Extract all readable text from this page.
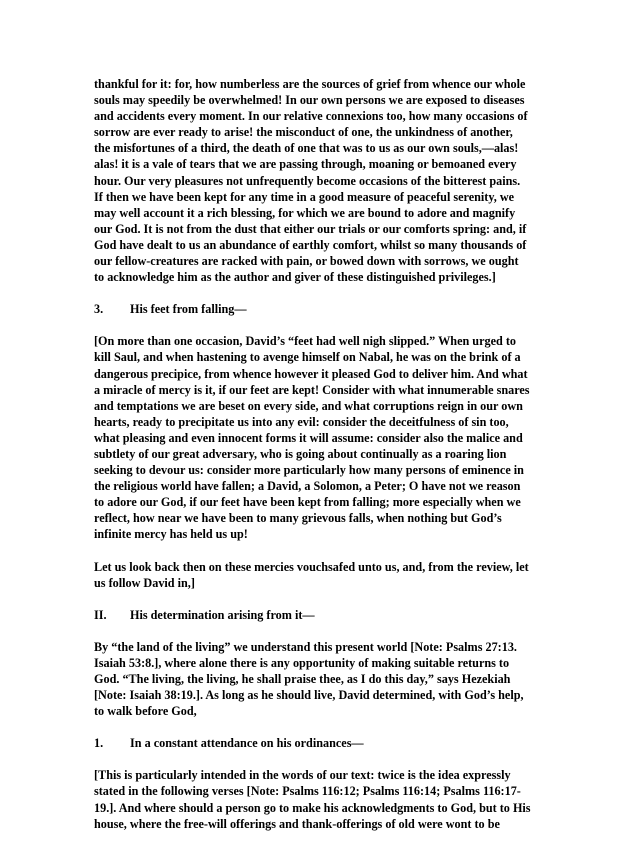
thankful for it: for, how numberless are the sources of grief from whence our whole
souls may speedily be overwhelmed! In our own persons we are exposed to diseases
and accidents every moment. In our relative connexions too, how many occasions of
sorrow are ever ready to arise! the misconduct of one, the unkindness of another,
the misfortunes of a third, the death of one that was to us as our own souls,—alas!
alas! it is a vale of tears that we are passing through, moaning or bemoaned every
hour. Our very pleasures not unfrequently become occasions of the bitterest pains.
If then we have been kept for any time in a good measure of peaceful serenity, we
may well account it a rich blessing, for which we are bound to adore and magnify
our God. It is not from the dust that either our trials or our comforts spring: and, if
God have dealt to us an abundance of earthly comfort, whilst so many thousands of
our fellow-creatures are racked with pain, or bowed down with sorrows, we ought
to acknowledge him as the author and giver of these distinguished privileges.]
3.	His feet from falling—
[On more than one occasion, David’s “feet had well nigh slipped.” When urged to
kill Saul, and when hastening to avenge himself on Nabal, he was on the brink of a
dangerous precipice, from whence however it pleased God to deliver him. And what
a miracle of mercy is it, if our feet are kept! Consider with what innumerable snares
and temptations we are beset on every side, and what corruptions reign in our own
hearts, ready to precipitate us into any evil: consider the deceitfulness of sin too,
what pleasing and even innocent forms it will assume: consider also the malice and
subtlety of our great adversary, who is going about continually as a roaring lion
seeking to devour us: consider more particularly how many persons of eminence in
the religious world have fallen; a David, a Solomon, a Peter; O have not we reason
to adore our God, if our feet have been kept from falling; more especially when we
reflect, how near we have been to many grievous falls, when nothing but God’s
infinite mercy has held us up!
Let us look back then on these mercies vouchsafed unto us, and, from the review, let
us follow David in,]
II.	His determination arising from it—
By “the land of the living” we understand this present world [Note: Psalms 27:13.
Isaiah 53:8.], where alone there is any opportunity of making suitable returns to
God. “The living, the living, he shall praise thee, as I do this day,” says Hezekiah
[Note: Isaiah 38:19.]. As long as he should live, David determined, with God’s help,
to walk before God,
1.	In a constant attendance on his ordinances—
[This is particularly intended in the words of our text: twice is the idea expressly
stated in the following verses [Note: Psalms 116:12; Psalms 116:14; Psalms 116:17-
19.]. And where should a person go to make his acknowledgments to God, but to His
house, where the free-will offerings and thank-offerings of old were wont to be
